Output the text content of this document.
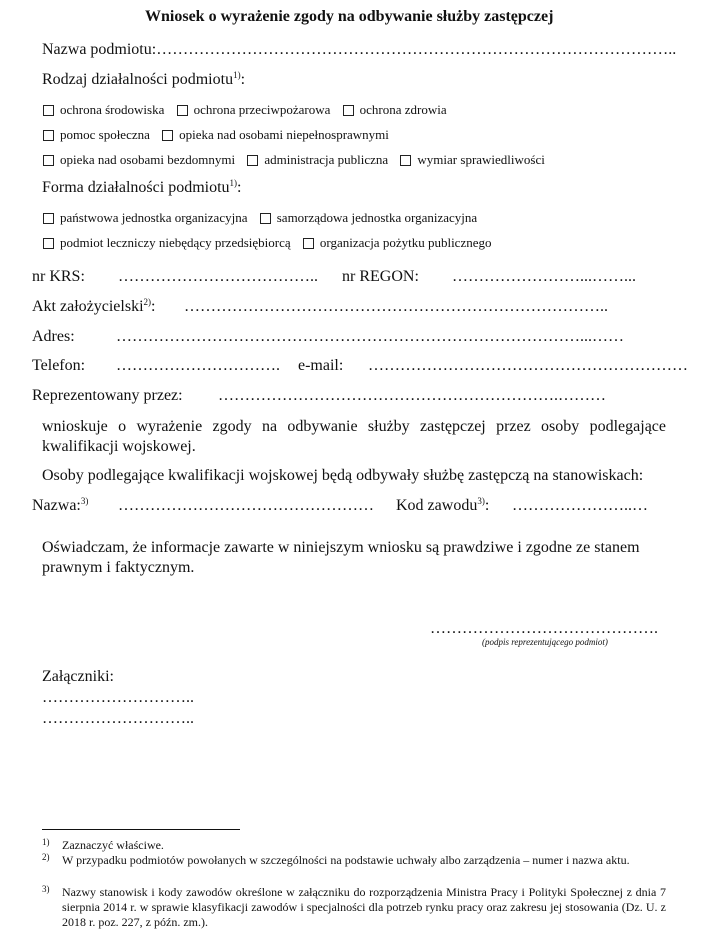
Wniosek o wyrażenie zgody na odbywanie służby zastępczej
Nazwa podmiotu:……………………………………………………………………………………..
Rodzaj działalności podmiotu$^{1)}$:
ochrona środowiska
ochrona przeciwpożarowa
ochrona zdrowia
pomoc społeczna
opieka nad osobami niepełnosprawnymi
opieka nad osobami bezdomnymi
administracja publiczna
wymiar sprawiedliwości
Forma działalności podmiotu$^{1)}$:
państwowa jednostka organizacyjna
samorządowa jednostka organizacyjna
podmiot leczniczy niebędący przedsiębiorcą
organizacja pożytku publicznego
nr KRS: ……………………………….. nr REGON: ……………………...……...
Akt założycielski$^{2)}$: ……………………………………………………………………..
Adres:	……………………………………………………………………………...……
Telefon: …………………………. e-mail: ……………………………………………………
Reprezentowany przez: ……………………………………………………….………
wnioskuje o wyrażenie zgody na odbywanie służby zastępczej przez osoby podlegające kwalifikacji wojskowej.
Osoby podlegające kwalifikacji wojskowej będą odbywały służbę zastępczą na stanowiskach:
Nazwa:$^{3)}$ ………………………………………… Kod zawodu$^{3)}$: …………………..…
Oświadczam, że informacje zawarte w niniejszym wniosku są prawdziwe i zgodne ze stanem prawnym i faktycznym.
…………………………………….
(podpis reprezentującego podmiot)
Załączniki:
………………………..
………………………..
1) Zaznaczyć właściwe.
2) W przypadku podmiotów powołanych w szczególności na podstawie uchwały albo zarządzenia – numer i nazwa aktu.
3) Nazwy stanowisk i kody zawodów określone w załączniku do rozporządzenia Ministra Pracy i Polityki Społecznej z dnia 7 sierpnia 2014 r. w sprawie klasyfikacji zawodów i specjalności dla potrzeb rynku pracy oraz zakresu jej stosowania (Dz. U. z 2018 r. poz. 227, z późn. zm.).
